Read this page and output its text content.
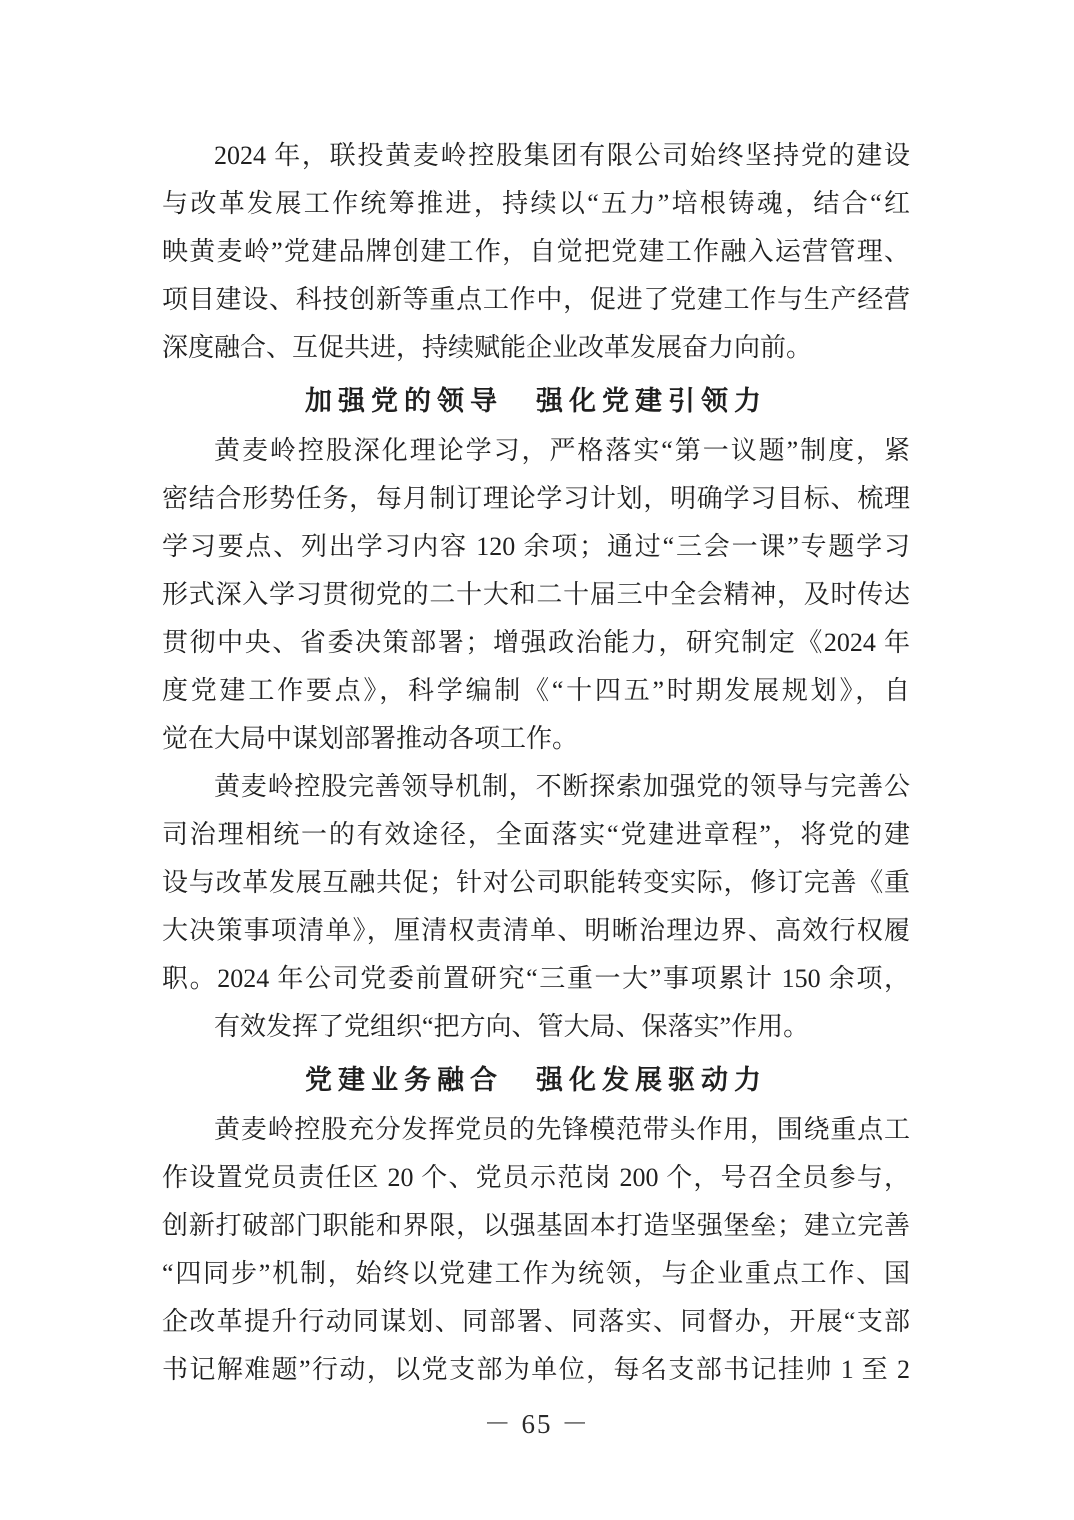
2024 年，联投黄麦岭控股集团有限公司始终坚持党的建设
与改革发展工作统筹推进，持续以“五力”培根铸魂，结合“红
映黄麦岭”党建品牌创建工作，自觉把党建工作融入运营管理、
项目建设、科技创新等重点工作中，促进了党建工作与生产经营
深度融合、互促共进，持续赋能企业改革发展奋力向前。
加强党的领导　强化党建引领力
黄麦岭控股深化理论学习，严格落实“第一议题”制度，紧
密结合形势任务，每月制订理论学习计划，明确学习目标、梳理
学习要点、列出学习内容 120 余项；通过“三会一课”专题学习
形式深入学习贯彻党的二十大和二十届三中全会精神，及时传达
贯彻中央、省委决策部署；增强政治能力，研究制定《2024 年
度党建工作要点》，科学编制《“十四五”时期发展规划》，自
觉在大局中谋划部署推动各项工作。
黄麦岭控股完善领导机制，不断探索加强党的领导与完善公
司治理相统一的有效途径，全面落实“党建进章程”，将党的建
设与改革发展互融共促；针对公司职能转变实际，修订完善《重
大决策事项清单》，厘清权责清单、明晰治理边界、高效行权履
职。2024 年公司党委前置研究“三重一大”事项累计 150 余项，
有效发挥了党组织“把方向、管大局、保落实”作用。
党建业务融合　强化发展驱动力
黄麦岭控股充分发挥党员的先锋模范带头作用，围绕重点工
作设置党员责任区 20 个、党员示范岗 200 个，号召全员参与，
创新打破部门职能和界限，以强基固本打造坚强堡垒；建立完善
“四同步”机制，始终以党建工作为统领，与企业重点工作、国
企改革提升行动同谋划、同部署、同落实、同督办，开展“支部
书记解难题”行动，以党支部为单位，每名支部书记挂帅 1 至 2
－ 65 －
